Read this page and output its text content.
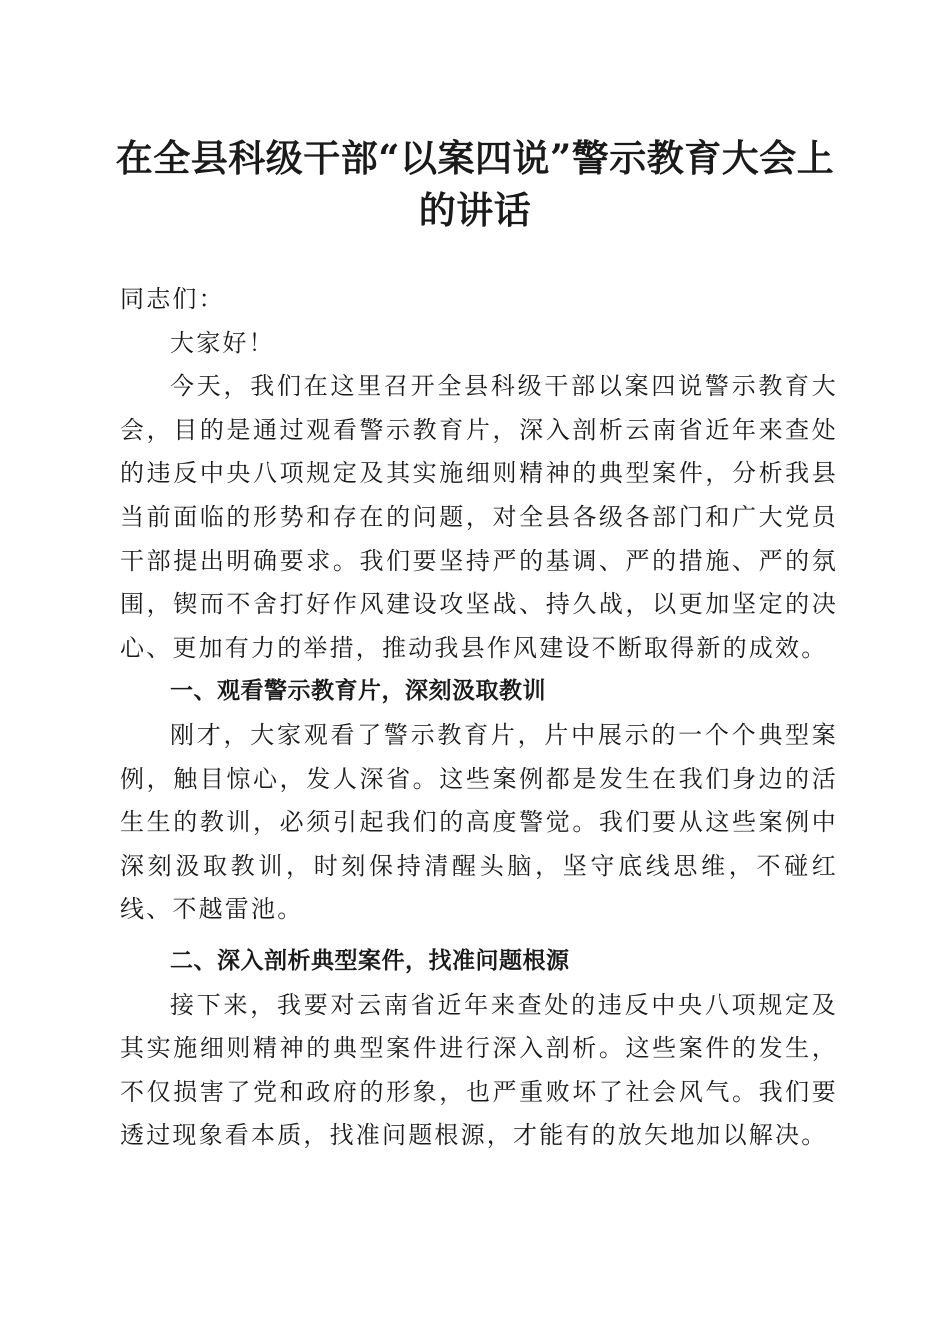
在全县科级干部“以案四说”警示教育大会上
的讲话

同志们：

大家好！

今天，我们在这里召开全县科级干部以案四说警示教育大会，目的是通过观看警示教育片，深入剖析云南省近年来查处的违反中央八项规定及其实施细则精神的典型案件，分析我县当前面临的形势和存在的问题，对全县各级各部门和广大党员干部提出明确要求。我们要坚持严的基调、严的措施、严的氛围，锲而不舍打好作风建设攻坚战、持久战，以更加坚定的决心、更加有力的举措，推动我县作风建设不断取得新的成效。

一、观看警示教育片，深刻汲取教训

刚才，大家观看了警示教育片，片中展示的一个个典型案例，触目惊心，发人深省。这些案例都是发生在我们身边的活生生的教训，必须引起我们的高度警觉。我们要从这些案例中深刻汲取教训，时刻保持清醒头脑，坚守底线思维，不碰红线、不越雷池。

二、深入剖析典型案件，找准问题根源

接下来，我要对云南省近年来查处的违反中央八项规定及其实施细则精神的典型案件进行深入剖析。这些案件的发生，不仅损害了党和政府的形象，也严重败坏了社会风气。我们要透过现象看本质，找准问题根源，才能有的放矢地加以解决。
